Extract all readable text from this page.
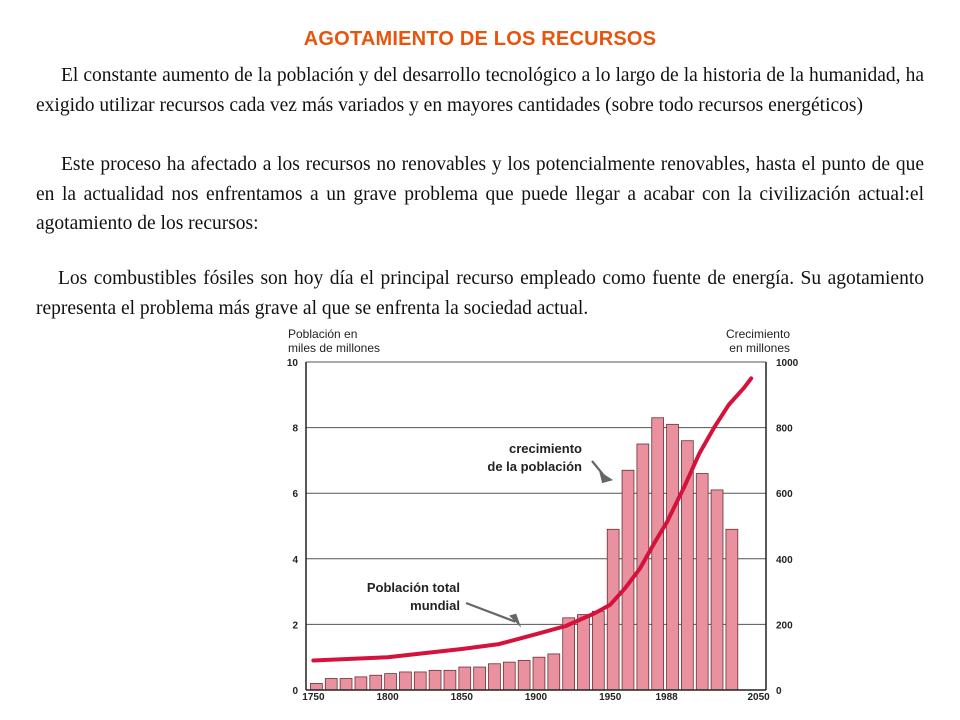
AGOTAMIENTO DE LOS RECURSOS

El constante aumento de la población y del desarrollo tecnológico a lo largo de la historia de la humanidad, ha exigido utilizar recursos cada vez más variados y en mayores cantidades (sobre todo recursos energéticos)

Este proceso ha afectado a los recursos no renovables y los potencialmente renovables, hasta el punto de que en la actualidad nos enfrentamos a un grave problema que puede llegar a acabar con la civilización actual:el agotamiento de los recursos:

Los combustibles fósiles son hoy día el principal recurso empleado como fuente de energía. Su agotamiento representa el problema más grave al que se enfrenta la sociedad actual.

0	0
2	200
4	400
6	600
8	800
10	1000
1750	1800	1850	1900	1950	1988	2050
Población en
miles de millones
Crecimiento
en millones
crecimiento
de la población
Población total
mundial
